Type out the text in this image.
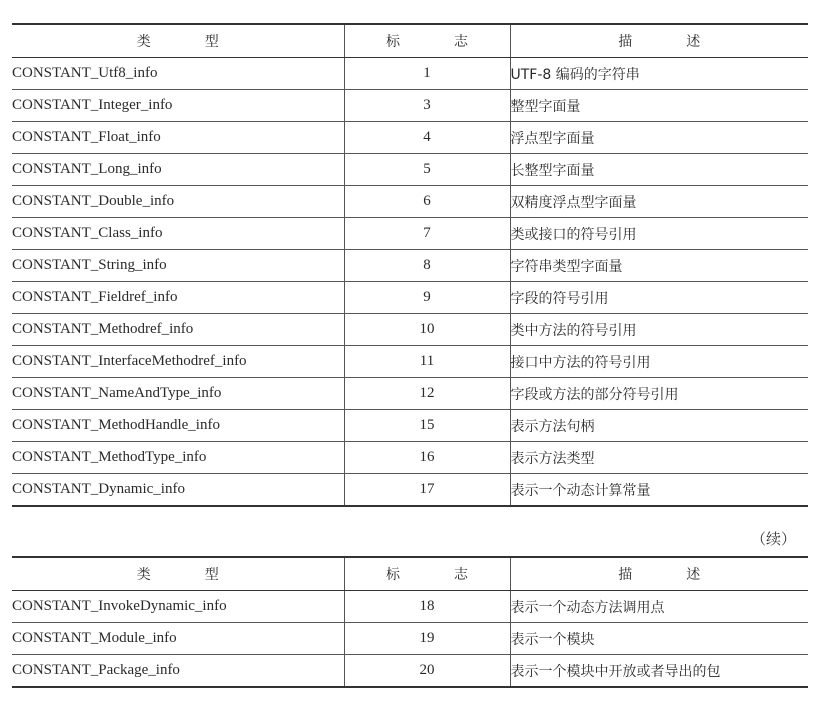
类　型	标　志	描　述
CONSTANT_Utf8_info	1	UTF-8 编码的字符串
CONSTANT_Integer_info	3	整型字面量
CONSTANT_Float_info	4	浮点型字面量
CONSTANT_Long_info	5	长整型字面量
CONSTANT_Double_info	6	双精度浮点型字面量
CONSTANT_Class_info	7	类或接口的符号引用
CONSTANT_String_info	8	字符串类型字面量
CONSTANT_Fieldref_info	9	字段的符号引用
CONSTANT_Methodref_info	10	类中方法的符号引用
CONSTANT_InterfaceMethodref_info	11	接口中方法的符号引用
CONSTANT_NameAndType_info	12	字段或方法的部分符号引用
CONSTANT_MethodHandle_info	15	表示方法句柄
CONSTANT_MethodType_info	16	表示方法类型
CONSTANT_Dynamic_info	17	表示一个动态计算常量
（续）
类　型	标　志	描　述
CONSTANT_InvokeDynamic_info	18	表示一个动态方法调用点
CONSTANT_Module_info	19	表示一个模块
CONSTANT_Package_info	20	表示一个模块中开放或者导出的包
